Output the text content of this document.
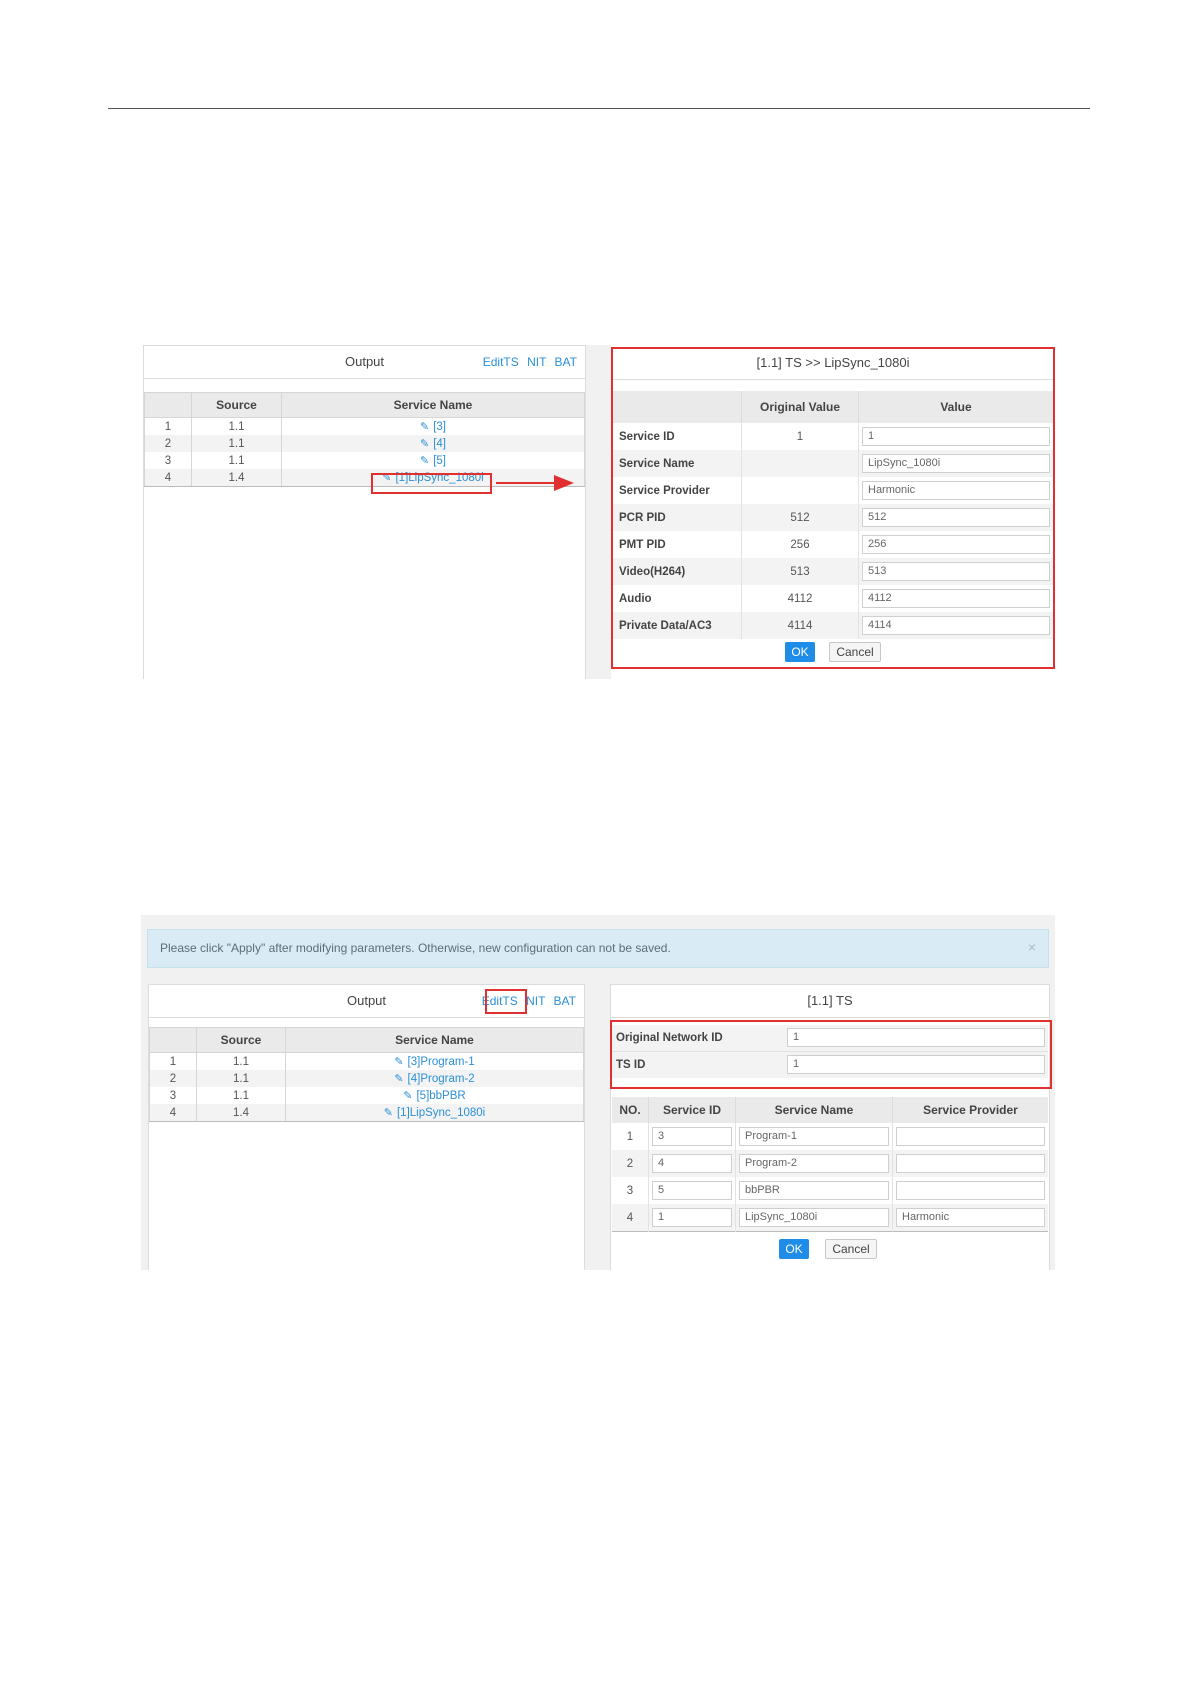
Output	EditTS NIT BAT
	Source	Service Name
1	1.1	✎ [3]
2	1.1	✎ [4]
3	1.1	✎ [5]
4	1.4	✎ [1]LipSync_1080i
[1.1] TS >> LipSync_1080i
	Original Value	Value
Service ID	1	1

Service Name		LipSync_1080i

Service Provider		Harmonic

PCR PID	512	512

PMT PID	256	256

Video(H264)	513	513

Audio	4112	4112

Private Data/AC3	4114	4114
OK	Cancel
Please click "Apply" after modifying parameters. Otherwise, new configuration can not be saved.	×
Output	EditTS NIT BAT
	Source	Service Name
1	1.1	✎ [3]Program-1
2	1.1	✎ [4]Program-2
3	1.1	✎ [5]bbPBR
4	1.4	✎ [1]LipSync_1080i
[1.1] TS
Original Network ID	1
TS ID	1
NO.	Service ID	Service Name	Service Provider
1	3	Program-1	

2	4	Program-2	

3	5	bbPBR	

4	1	LipSync_1080i	Harmonic
OK	Cancel
